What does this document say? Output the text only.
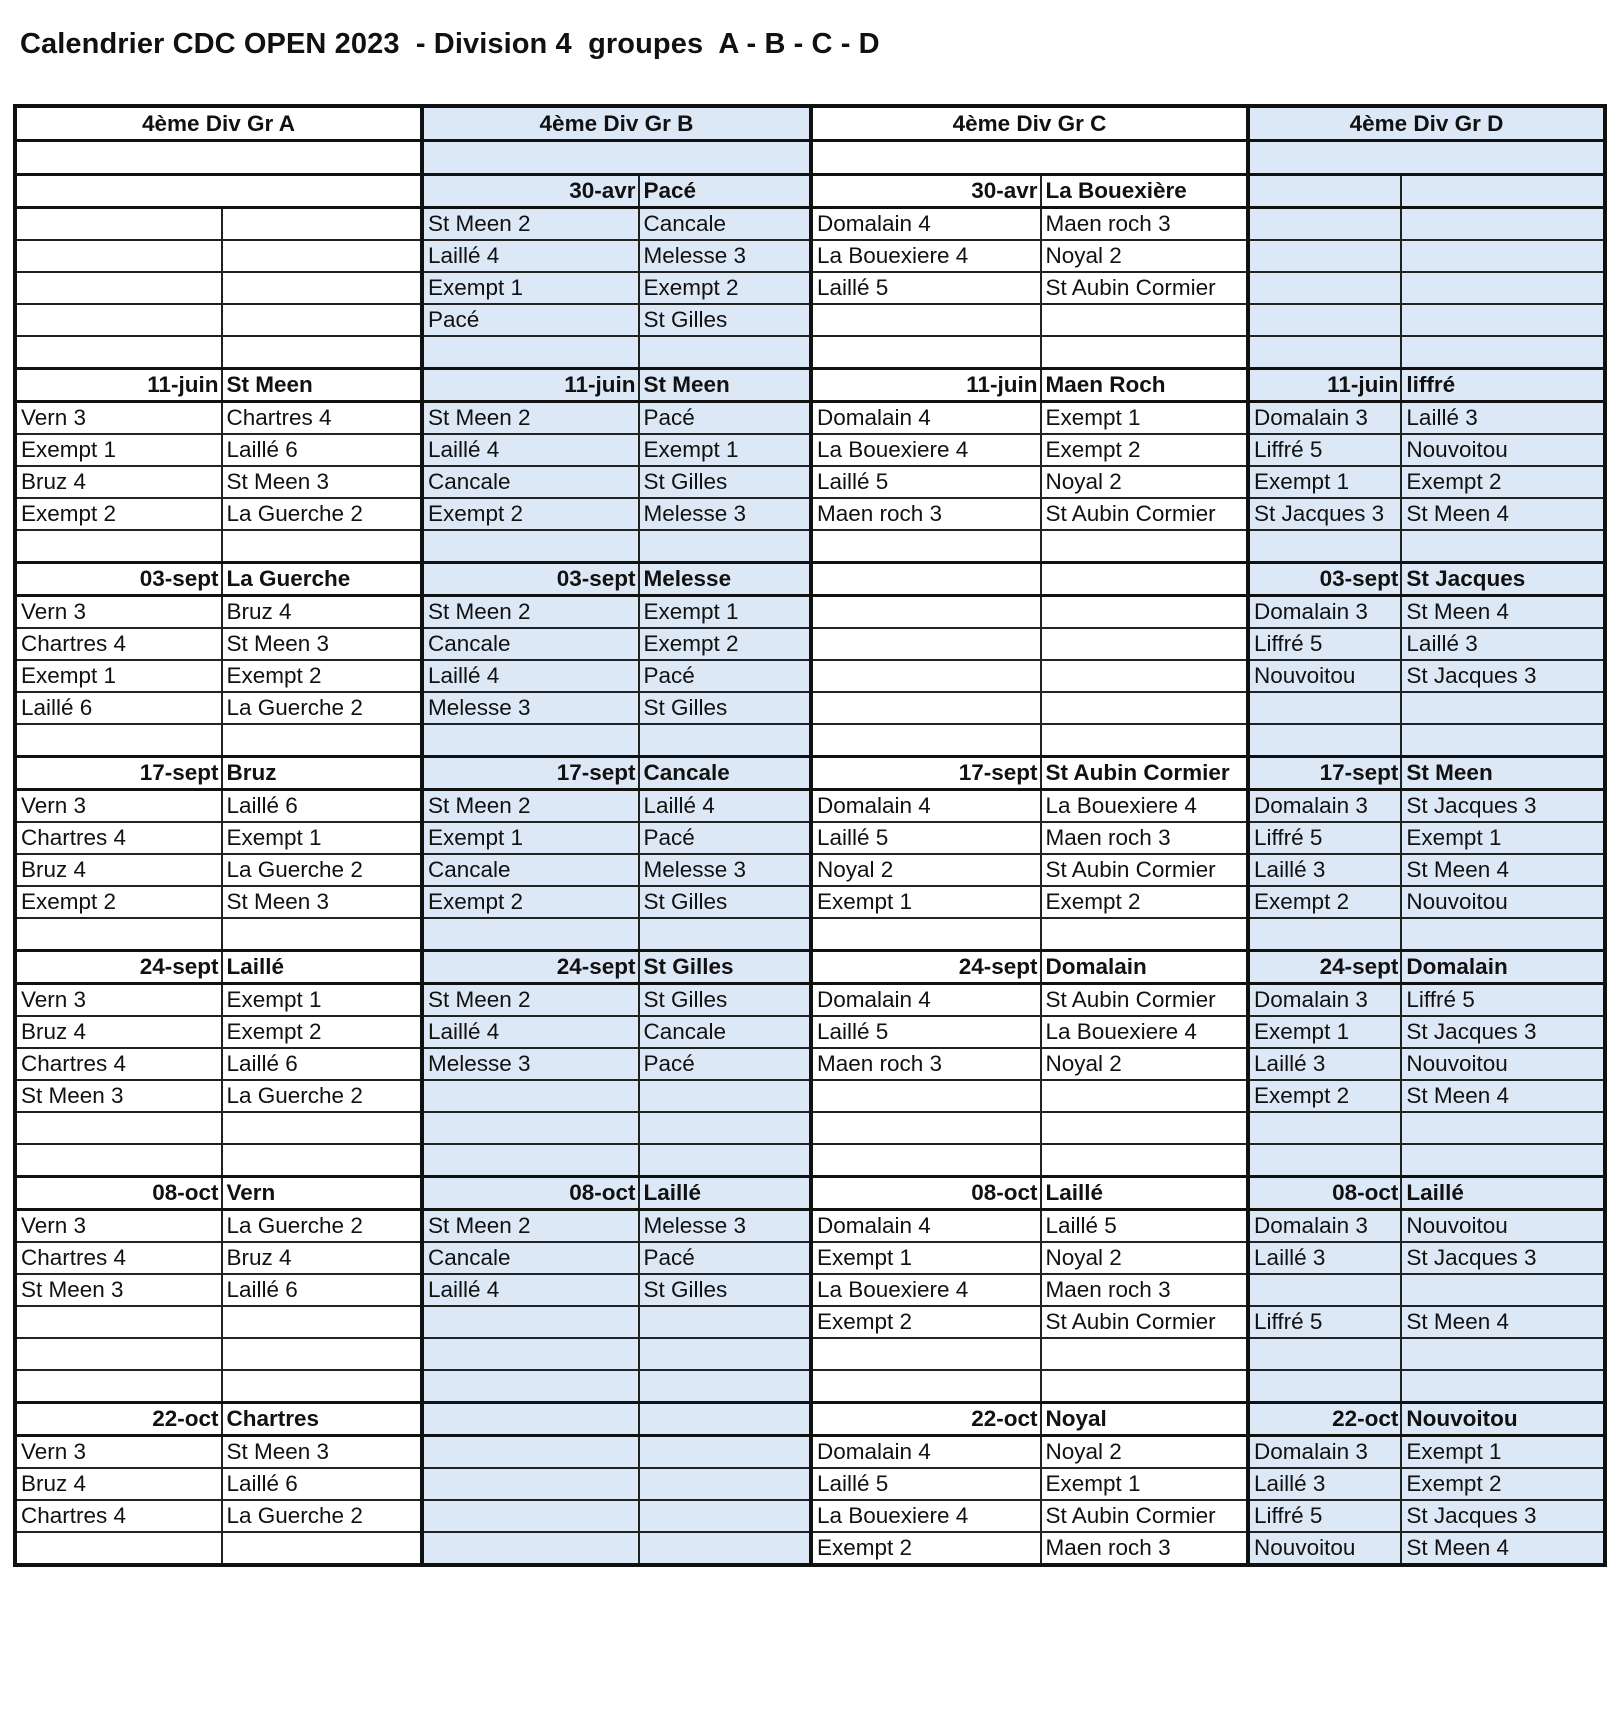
Calendrier CDC OPEN 2023  - Division 4  groupes  A - B - C - D
4ème Div Gr A		4ème Div Gr B		4ème Div Gr C		4ème Div Gr D	

		30-avr	Pacé	30-avr	La Bouexière		
		St Meen 2	Cancale	Domalain 4	Maen roch 3		
		Laillé 4	Melesse 3	La Bouexiere 4	Noyal 2		
		Exempt 1	Exempt 2	Laillé 5	St Aubin Cormier		
		Pacé	St Gilles				

11-juin	St Meen	11-juin	St Meen	11-juin	Maen Roch	11-juin	liffré
Vern 3	Chartres 4	St Meen 2	Pacé	Domalain 4	Exempt 1	Domalain 3	Laillé 3
Exempt 1	Laillé 6	Laillé 4	Exempt 1	La Bouexiere 4	Exempt 2	Liffré 5	Nouvoitou
Bruz 4	St Meen 3	Cancale	St Gilles	Laillé 5	Noyal 2	Exempt 1	Exempt 2
Exempt 2	La Guerche 2	Exempt 2	Melesse 3	Maen roch 3	St Aubin Cormier	St Jacques 3	St Meen 4

03-sept	La Guerche	03-sept	Melesse			03-sept	St Jacques
Vern 3	Bruz 4	St Meen 2	Exempt 1			Domalain 3	St Meen 4
Chartres 4	St Meen 3	Cancale	Exempt 2			Liffré 5	Laillé 3
Exempt 1	Exempt 2	Laillé 4	Pacé			Nouvoitou	St Jacques 3
Laillé 6	La Guerche 2	Melesse 3	St Gilles				

17-sept	Bruz	17-sept	Cancale	17-sept	St Aubin Cormier	17-sept	St Meen
Vern 3	Laillé 6	St Meen 2	Laillé 4	Domalain 4	La Bouexiere 4	Domalain 3	St Jacques 3
Chartres 4	Exempt 1	Exempt 1	Pacé	Laillé 5	Maen roch 3	Liffré 5	Exempt 1
Bruz 4	La Guerche 2	Cancale	Melesse 3	Noyal 2	St Aubin Cormier	Laillé 3	St Meen 4
Exempt 2	St Meen 3	Exempt 2	St Gilles	Exempt 1	Exempt 2	Exempt 2	Nouvoitou

24-sept	Laillé	24-sept	St Gilles	24-sept	Domalain	24-sept	Domalain
Vern 3	Exempt 1	St Meen 2	St Gilles	Domalain 4	St Aubin Cormier	Domalain 3	Liffré 5
Bruz 4	Exempt 2	Laillé 4	Cancale	Laillé 5	La Bouexiere 4	Exempt 1	St Jacques 3
Chartres 4	Laillé 6	Melesse 3	Pacé	Maen roch 3	Noyal 2	Laillé 3	Nouvoitou
St Meen 3	La Guerche 2					Exempt 2	St Meen 4

08-oct	Vern	08-oct	Laillé	08-oct	Laillé	08-oct	Laillé
Vern 3	La Guerche 2	St Meen 2	Melesse 3	Domalain 4	Laillé 5	Domalain 3	Nouvoitou
Chartres 4	Bruz 4	Cancale	Pacé	Exempt 1	Noyal 2	Laillé 3	St Jacques 3
St Meen 3	Laillé 6	Laillé 4	St Gilles	La Bouexiere 4	Maen roch 3		
				Exempt 2	St Aubin Cormier	Liffré 5	St Meen 4

22-oct	Chartres			22-oct	Noyal	22-oct	Nouvoitou
Vern 3	St Meen 3			Domalain 4	Noyal 2	Domalain 3	Exempt 1
Bruz 4	Laillé 6			Laillé 5	Exempt 1	Laillé 3	Exempt 2
Chartres 4	La Guerche 2			La Bouexiere 4	St Aubin Cormier	Liffré 5	St Jacques 3
				Exempt 2	Maen roch 3	Nouvoitou	St Meen 4
